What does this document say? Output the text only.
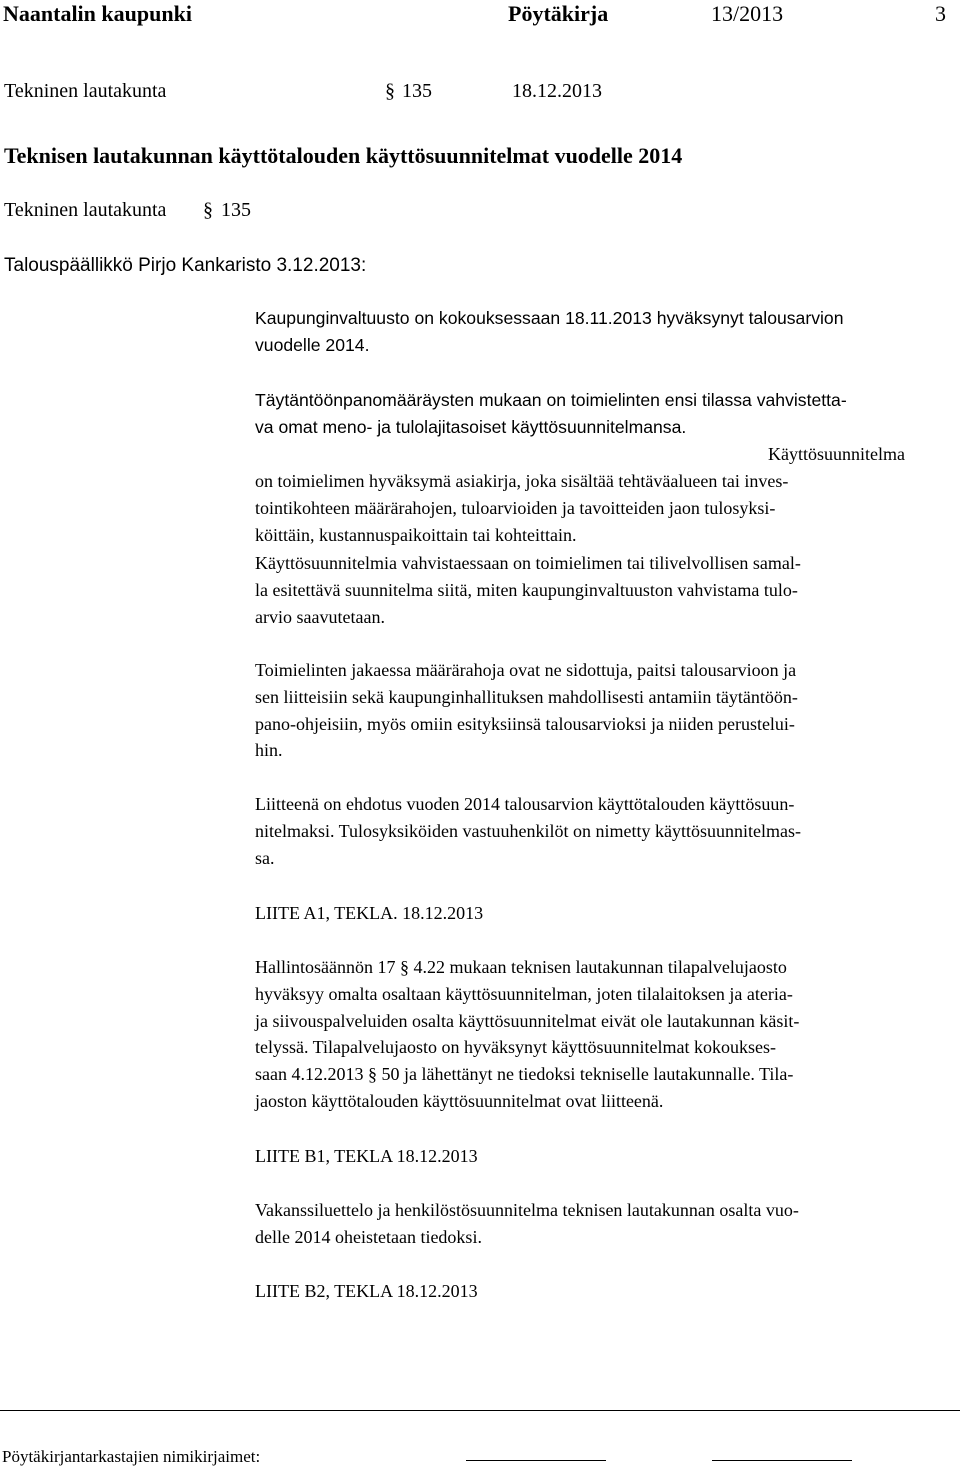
Naantalin kaupunki	Pöytäkirja	13/2013	3
Tekninen lautakunta	§ 135	18.12.2013
Teknisen lautakunnan käyttötalouden käyttösuunnitelmat vuodelle 2014
Tekninen lautakunta § 135
Talouspäällikkö Pirjo Kankaristo 3.12.2013:
Kaupunginvaltuusto on kokouksessaan 18.11.2013 hyväksynyt talousarvion
vuodelle 2014.
Täytäntöönpanomääräysten mukaan on toimielinten ensi tilassa vahvistetta-
va omat meno- ja tulolajitasoiset käyttösuunnitelmansa.
Käyttösuunnitelma
on toimielimen hyväksymä asiakirja, joka sisältää tehtäväalueen tai inves-
tointikohteen määrärahojen, tuloarvioiden ja tavoitteiden jaon tulosyksi-
köittäin, kustannuspaikoittain tai kohteittain.
Käyttösuunnitelmia vahvistaessaan on toimielimen tai tilivelvollisen samal-
la esitettävä suunnitelma siitä, miten kaupunginvaltuuston vahvistama tulo-
arvio saavutetaan.
Toimielinten jakaessa määrärahoja ovat ne sidottuja, paitsi talousarvioon ja
sen liitteisiin sekä kaupunginhallituksen mahdollisesti antamiin täytäntöön-
pano-ohjeisiin, myös omiin esityksiinsä talousarvioksi ja niiden perustelui-
hin.
Liitteenä on ehdotus vuoden 2014 talousarvion käyttötalouden käyttösuun-
nitelmaksi. Tulosyksiköiden vastuuhenkilöt on nimetty käyttösuunnitelmas-
sa.
LIITE A1, TEKLA. 18.12.2013
Hallintosäännön 17 § 4.22 mukaan teknisen lautakunnan tilapalvelujaosto
hyväksyy omalta osaltaan käyttösuunnitelman, joten tilalaitoksen ja ateria-
ja siivouspalveluiden osalta käyttösuunnitelmat eivät ole lautakunnan käsit-
telyssä. Tilapalvelujaosto on hyväksynyt käyttösuunnitelmat kokoukses-
saan 4.12.2013 § 50 ja lähettänyt ne tiedoksi tekniselle lautakunnalle. Tila-
jaoston käyttötalouden käyttösuunnitelmat ovat liitteenä.
LIITE B1, TEKLA 18.12.2013
Vakanssiluettelo ja henkilöstösuunnitelma teknisen lautakunnan osalta vuo-
delle 2014 oheistetaan tiedoksi.
LIITE B2, TEKLA 18.12.2013
Pöytäkirjantarkastajien nimikirjaimet:
